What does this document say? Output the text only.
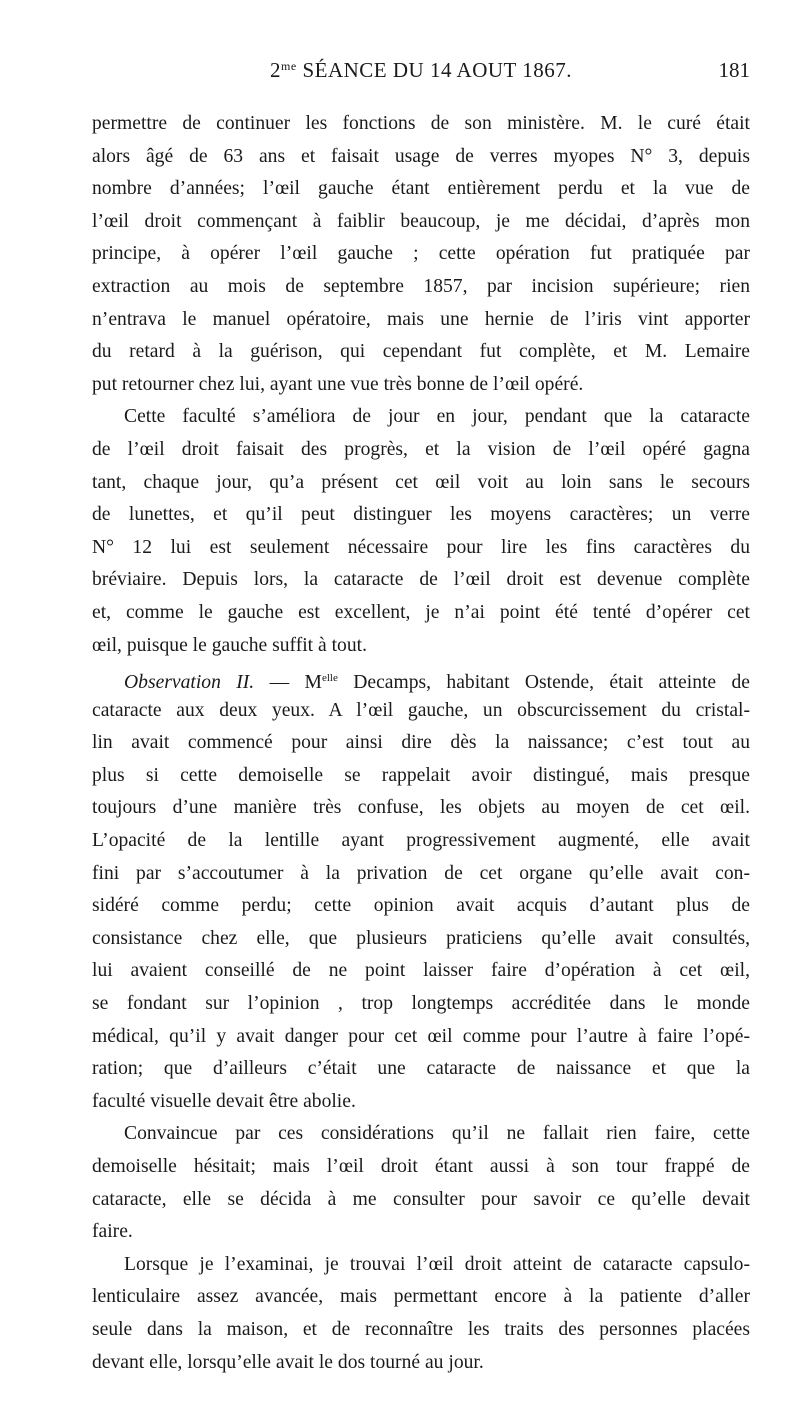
$2^{me}$ SÉANCE DU 14 AOUT 1867.	181
permettre de continuer les fonctions de son ministère. M. le curé était
alors âgé de 63 ans et faisait usage de verres myopes N° 3, depuis
nombre d’années; l’œil gauche étant entièrement perdu et la vue de
l’œil droit commençant à faiblir beaucoup, je me décidai, d’après mon
principe, à opérer l’œil gauche ; cette opération fut pratiquée par
extraction au mois de septembre 1857, par incision supérieure; rien
n’entrava le manuel opératoire, mais une hernie de l’iris vint apporter
du retard à la guérison, qui cependant fut complète, et M. Lemaire
put retourner chez lui, ayant une vue très bonne de l’œil opéré.
Cette faculté s’améliora de jour en jour, pendant que la cataracte
de l’œil droit faisait des progrès, et la vision de l’œil opéré gagna
tant, chaque jour, qu’a présent cet œil voit au loin sans le secours
de lunettes, et qu’il peut distinguer les moyens caractères; un verre
N° 12 lui est seulement nécessaire pour lire les fins caractères du
bréviaire. Depuis lors, la cataracte de l’œil droit est devenue complète
et, comme le gauche est excellent, je n’ai point été tenté d’opérer cet
œil, puisque le gauche suffit à tout.
Observation II. — $M^{elle}$ Decamps, habitant Ostende, était atteinte de
cataracte aux deux yeux. A l’œil gauche, un obscurcissement du cristal-
lin avait commencé pour ainsi dire dès la naissance; c’est tout au
plus si cette demoiselle se rappelait avoir distingué, mais presque
toujours d’une manière très confuse, les objets au moyen de cet œil.
L’opacité de la lentille ayant progressivement augmenté, elle avait
fini par s’accoutumer à la privation de cet organe qu’elle avait con-
sidéré comme perdu; cette opinion avait acquis d’autant plus de
consistance chez elle, que plusieurs praticiens qu’elle avait consultés,
lui avaient conseillé de ne point laisser faire d’opération à cet œil,
se fondant sur l’opinion , trop longtemps accréditée dans le monde
médical, qu’il y avait danger pour cet œil comme pour l’autre à faire l’opé-
ration; que d’ailleurs c’était une cataracte de naissance et que la
faculté visuelle devait être abolie.
Convaincue par ces considérations qu’il ne fallait rien faire, cette
demoiselle hésitait; mais l’œil droit étant aussi à son tour frappé de
cataracte, elle se décida à me consulter pour savoir ce qu’elle devait
faire.
Lorsque je l’examinai, je trouvai l’œil droit atteint de cataracte capsulo-
lenticulaire assez avancée, mais permettant encore à la patiente d’aller
seule dans la maison, et de reconnaître les traits des personnes placées
devant elle, lorsqu’elle avait le dos tourné au jour.
